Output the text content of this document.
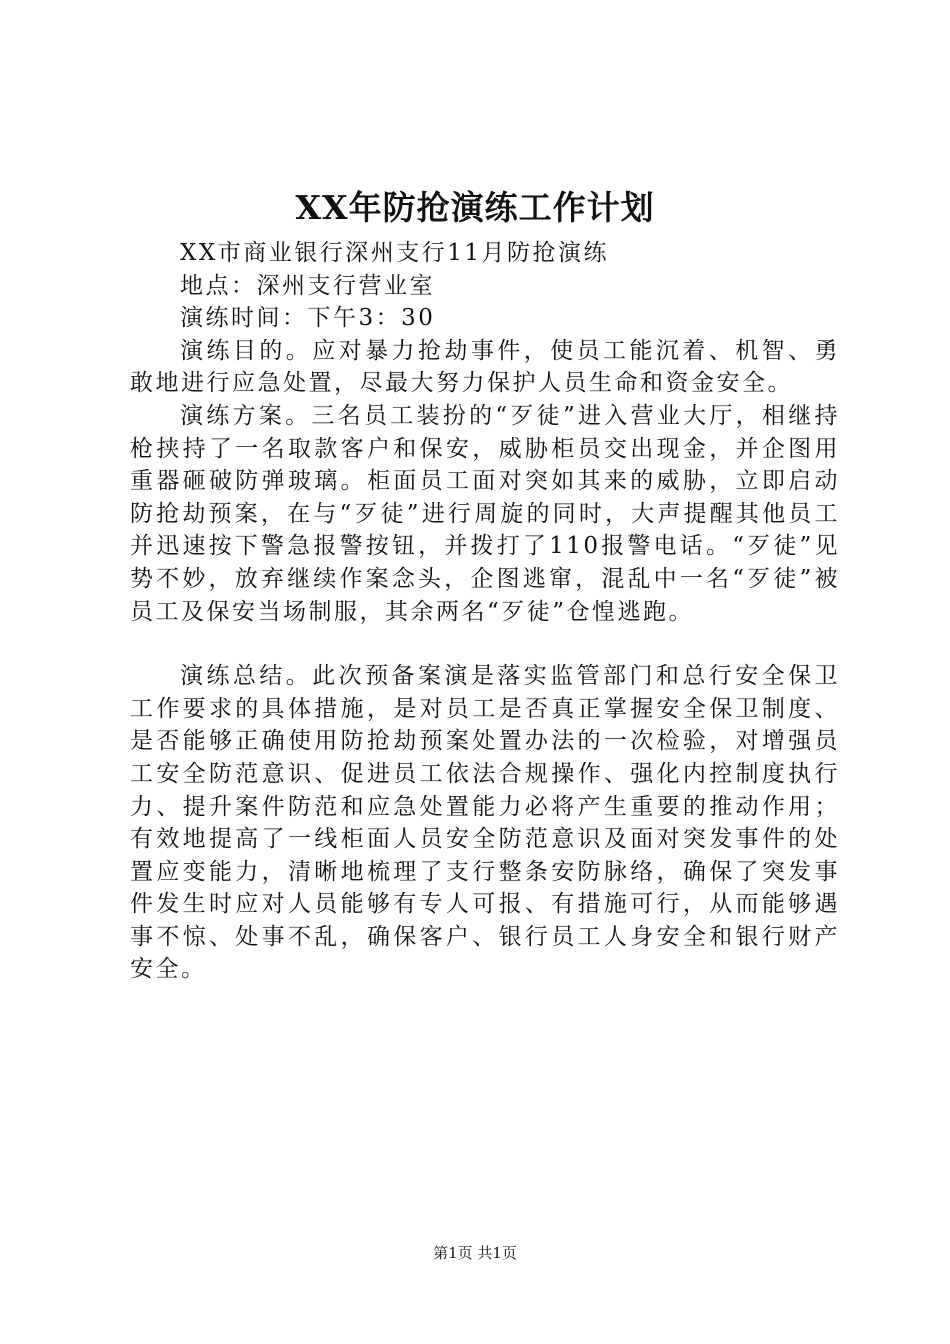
XX年防抢演练工作计划

XX市商业银行深州支行11月防抢演练

地点：深州支行营业室

演练时间：下午3：30

演练目的。应对暴力抢劫事件，使员工能沉着、机智、勇敢地进行应急处置，尽最大努力保护人员生命和资金安全。

演练方案。三名员工装扮的“歹徒”进入营业大厅，相继持枪挟持了一名取款客户和保安，威胁柜员交出现金，并企图用重器砸破防弹玻璃。柜面员工面对突如其来的威胁，立即启动防抢劫预案，在与“歹徒”进行周旋的同时，大声提醒其他员工并迅速按下警急报警按钮，并拨打了110报警电话。“歹徒”见势不妙，放弃继续作案念头，企图逃窜，混乱中一名“歹徒”被员工及保安当场制服，其余两名“歹徒”仓惶逃跑。

演练总结。此次预备案演是落实监管部门和总行安全保卫工作要求的具体措施，是对员工是否真正掌握安全保卫制度、是否能够正确使用防抢劫预案处置办法的一次检验，对增强员工安全防范意识、促进员工依法合规操作、强化内控制度执行力、提升案件防范和应急处置能力必将产生重要的推动作用；有效地提高了一线柜面人员安全防范意识及面对突发事件的处置应变能力，清晰地梳理了支行整条安防脉络，确保了突发事件发生时应对人员能够有专人可报、有措施可行，从而能够遇事不惊、处事不乱，确保客户、银行员工人身安全和银行财产安全。

第1页 共1页
